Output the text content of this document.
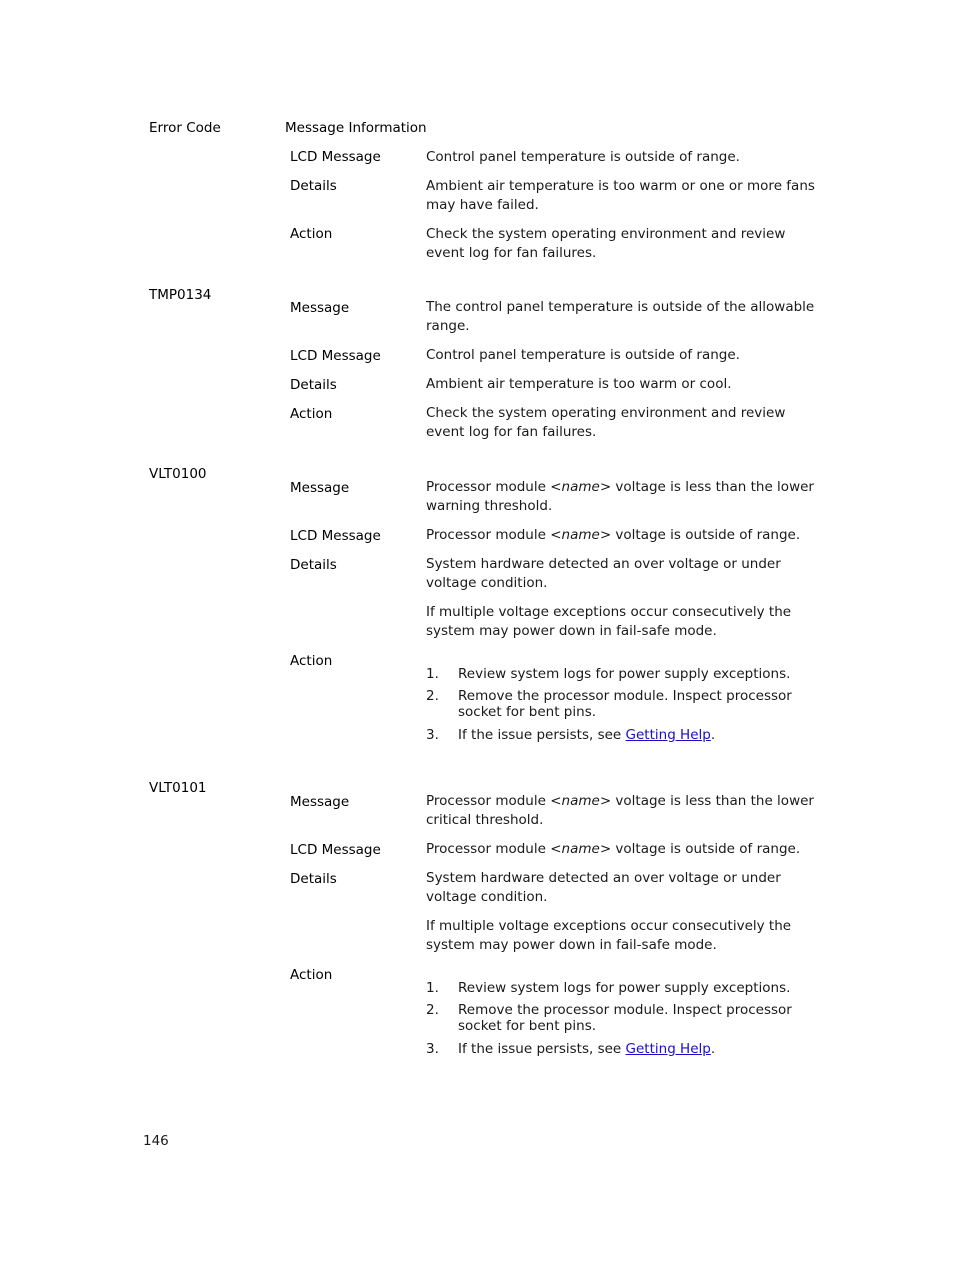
Error Code	Message Information

LCD Message	Control panel temperature is outside of range.

Details	Ambient air temperature is too warm or one or more fans may have failed.

Action	Check the system operating environment and review event log for fan failures.

TMP0134

Message	The control panel temperature is outside of the allowable range.

LCD Message	Control panel temperature is outside of range.

Details	Ambient air temperature is too warm or cool.

Action	Check the system operating environment and review event log for fan failures.

VLT0100

Message	Processor module <name> voltage is less than the lower warning threshold.

LCD Message	Processor module <name> voltage is outside of range.

Details	System hardware detected an over voltage or under voltage condition.

If multiple voltage exceptions occur consecutively the system may power down in fail-safe mode.

Action

1.	Review system logs for power supply exceptions.

2.	Remove the processor module. Inspect processor socket for bent pins.

3.	If the issue persists, see Getting Help.

VLT0101

Message	Processor module <name> voltage is less than the lower critical threshold.

LCD Message	Processor module <name> voltage is outside of range.

Details	System hardware detected an over voltage or under voltage condition.

If multiple voltage exceptions occur consecutively the system may power down in fail-safe mode.

Action

1.	Review system logs for power supply exceptions.

2.	Remove the processor module. Inspect processor socket for bent pins.

3.	If the issue persists, see Getting Help.

146
